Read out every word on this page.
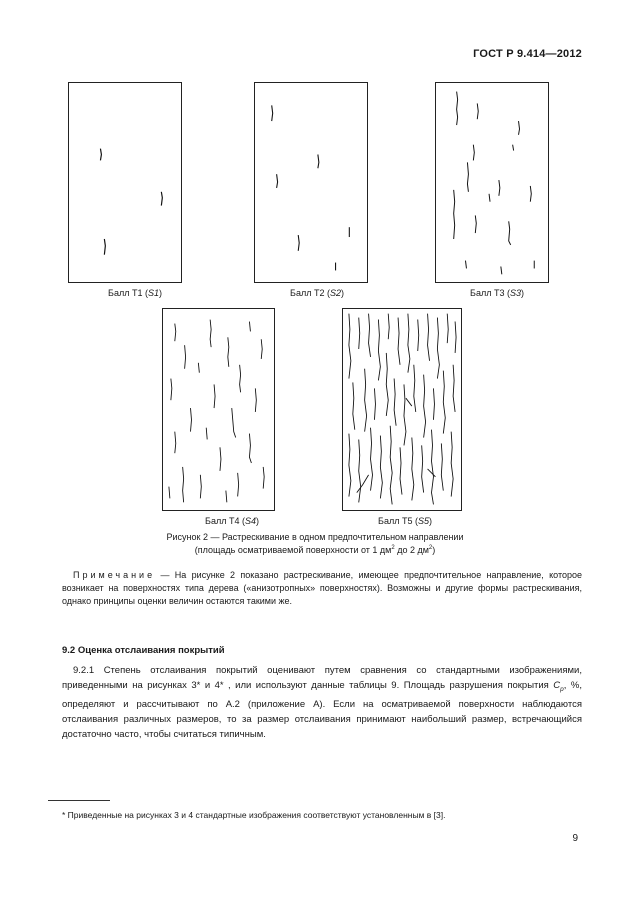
ГОСТ Р 9.414—2012
Балл Т1 (S1)	Балл Т2 (S2)	Балл Т3 (S3)
Балл Т4 (S4)	Балл Т5 (S5)
Рисунок 2 — Растрескивание в одном предпочтительном направлении
(площадь осматриваемой поверхности от 1 $дм^2$ до 2 $дм^2$)
Примечание — На рисунке 2 показано растрескивание, имеющее предпочтительное направление, которое возникает на поверхностях типа дерева («анизотропных» поверхностях). Возможны и другие формы растрескивания, однако принципы оценки величин остаются такими же.
9.2 Оценка отслаивания покрытий

9.2.1 Степень отслаивания покрытий оценивают путем сравнения со стандартными изображениями, приведенными на рисунках 3* и 4* , или используют данные таблицы 9. Площадь разрушения покрытия $C_p$, %, определяют и рассчитывают по А.2 (приложение А). Если на осматриваемой поверхности наблюдаются отслаивания различных размеров, то за размер отслаивания принимают наибольший размер, встречающийся достаточно часто, чтобы считаться типичным.

* Приведенные на рисунках 3 и 4 стандартные изображения соответствуют установленным в [3].
9
